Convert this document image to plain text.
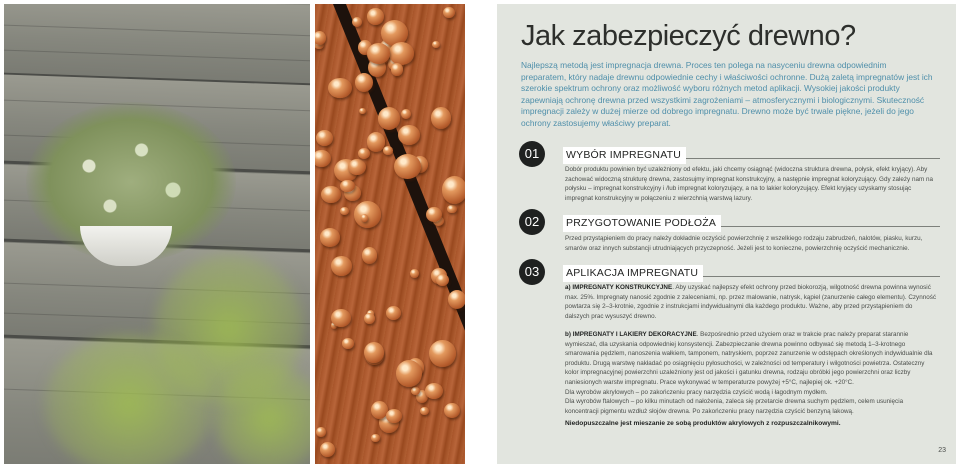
Jak zabezpieczyć drewno?

Najlepszą metodą jest impregnacja drewna. Proces ten polega na nasyceniu drewna odpowiednim preparatem, który nadaje drewnu odpowiednie cechy i właściwości ochronne. Dużą zaletą impregnatów jest ich szerokie spektrum ochrony oraz możliwość wyboru różnych metod aplikacji. Wysokiej jakości produkty zapewniają ochronę drewna przed wszystkimi zagrożeniami – atmosferycznymi i biologicznymi. Skuteczność impregnacji zależy w dużej mierze od dobrego impregnatu. Drewno może być trwale piękne, jeżeli do jego ochrony zastosujemy właściwy preparat.

01	WYBÓR IMPREGNATU

Dobór produktu powinien być uzależniony od efektu, jaki chcemy osiągnąć (widoczna struktura drewna, połysk, efekt kryjący). Aby zachować widoczną strukturę drewna, zastosujmy impregnat konstrukcyjny, a następnie impregnat koloryzujący. Gdy zależy nam na połysku – impregnat konstrukcyjny i /lub impregnat koloryzujący, a na to lakier koloryzujący. Efekt kryjący uzyskamy stosując impregnat konstrukcyjny w połączeniu z wierzchnią warstwą lazury.

02	PRZYGOTOWANIE PODŁOŻA

Przed przystąpieniem do pracy należy dokładnie oczyścić powierzchnię z wszelkiego rodzaju zabrudzeń, nalotów, piasku, kurzu, smarów oraz innych substancji utrudniających przyczepność. Jeżeli jest to konieczne, powierzchnię oczyścić mechanicznie.

03	APLIKACJA IMPREGNATU

a) IMPREGNATY KONSTRUKCYJNE. Aby uzyskać najlepszy efekt ochrony przed biokorozją, wilgotność drewna powinna wynosić max. 25%. Impregnaty nanosić zgodnie z zaleceniami, np. przez malowanie, natrysk, kąpiel (zanurzenie całego elementu). Czynność powtarza się 2–3-krotnie, zgodnie z instrukcjami indywidualnymi dla każdego produktu. Ważne, aby przed przystąpieniem do dalszych prac wysuszyć drewno.

b) IMPREGNATY I LAKIERY DEKORACYJNE. Bezpośrednio przed użyciem oraz w trakcie prac należy preparat starannie wymieszać, dla uzyskania odpowiedniej konsystencji. Zabezpieczanie drewna powinno odbywać się metodą 1–3-krotnego smarowania pędzlem, nanoszenia wałkiem, tamponem, natryskiem, poprzez zanurzenie w odstępach określonych indywidualnie dla produktu. Drugą warstwę nakładać po osiągnięciu pyłosuchości, w zależności od temperatury i wilgotności powietrza. Ostateczny kolor impregnacyjnej powierzchni uzależniony jest od jakości i gatunku drewna, rodzaju obróbki jego powierzchni oraz liczby naniesionych warstw impregnatu. Prace wykonywać w temperaturze powyżej +5°C, najlepiej ok. +20°C.
Dla wyrobów akrylowych – po zakończeniu pracy narzędzia czyścić wodą i łagodnym mydłem.
Dla wyrobów ftalowych – po kilku minutach od nałożenia, zaleca się przetarcie drewna suchym pędzlem, celem usunięcia koncentracji pigmentu wzdłuż słojów drewna. Po zakończeniu pracy narzędzia czyścić benzyną lakową.

Niedopuszczalne jest mieszanie ze sobą produktów akrylowych z rozpuszczalnikowymi.

23
